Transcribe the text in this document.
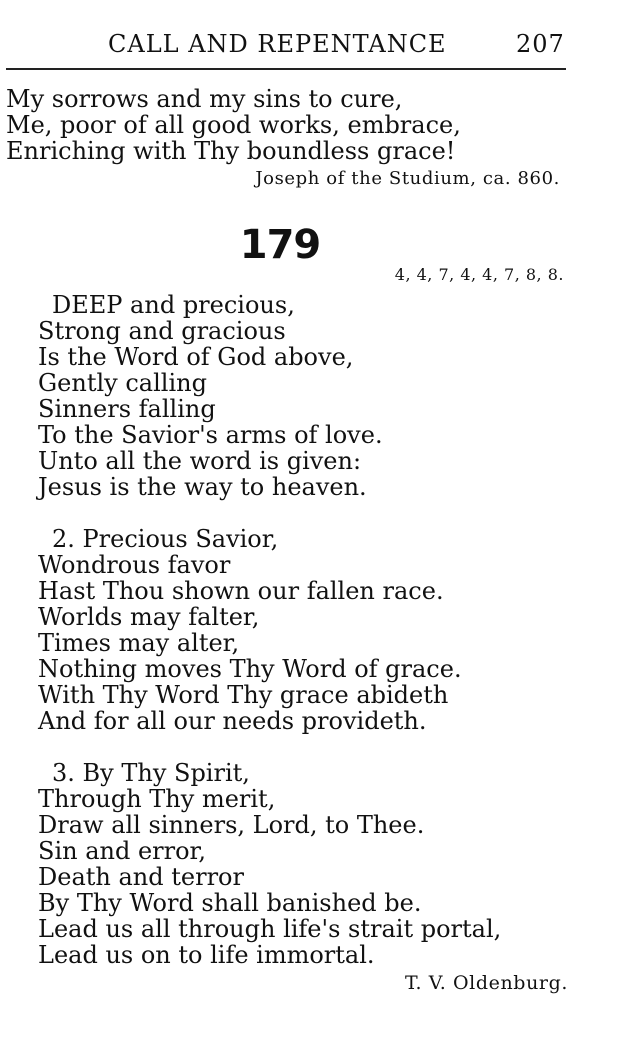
CALL AND REPENTANCE	207
My sorrows and my sins to cure,
Me, poor of all good works, embrace,
Enriching with Thy boundless grace!
Joseph of the Studium, ca. 860.
179
4, 4, 7, 4, 4, 7, 8, 8.
DEEP and precious,
Strong and gracious
Is the Word of God above,
Gently calling
Sinners falling
To the Savior's arms of love.
Unto all the word is given:
Jesus is the way to heaven.
2. Precious Savior,
Wondrous favor
Hast Thou shown our fallen race.
Worlds may falter,
Times may alter,
Nothing moves Thy Word of grace.
With Thy Word Thy grace abideth
And for all our needs provideth.
3. By Thy Spirit,
Through Thy merit,
Draw all sinners, Lord, to Thee.
Sin and error,
Death and terror
By Thy Word shall banished be.
Lead us all through life's strait portal,
Lead us on to life immortal.
T. V. Oldenburg.
